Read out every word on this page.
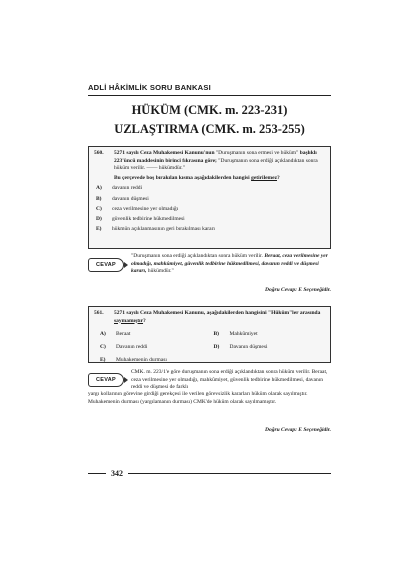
ADLİ HÂKİMLİK SORU BANKASI
HÜKÜM (CMK. m. 223-231)
UZLAŞTIRMA (CMK. m. 253-255)
560.	5271 sayılı Ceza Muhakemesi Kanunu'nun "Duruşmanın sona ermesi ve hüküm" başlıklı 223'üncü maddesinin birinci fıkrasına göre; "Duruşmanın sona erdiği açıklandıktan sonra hüküm verilir. —— hükümdür."
Bu çerçevede boş bırakılan kısma aşağıdakilerden hangisi getirilemez?
A)	davanın reddi
B)	davanın düşmesi
C)	ceza verilmesine yer olmadığı
D)	güvenlik tedbirine hükmedilmesi
E)	hükmün açıklanmasının geri bırakılması kararı
CEVAP
"Duruşmanın sona erdiği açıklandıktan sonra hüküm verilir. Beraat, ceza verilmesine yer olmadığı, mahkûmiyet, güvenlik tedbirine hükmedilmesi, davanın reddi ve düşmesi kararı, hükümdür."
Doğru Cevap: E Seçeneğidir.
561.	5271 sayılı Ceza Muhakemesi Kanunu, aşağıdakilerden hangisini "Hüküm"ler arasında saymamıştır?
A)	Beraat	B)	Mahkûmiyet
C)	Davanın reddi	D)	Davanın düşmesi
E)	Muhakemenin durması
CEVAP
CMK. m. 223/1'e göre duruşmanın sona erdiği açıklandıktan sonra hüküm verilir. Beraat, ceza verilmesine yer olmadığı, mahkûmiyet, güvenlik tedbirine hükmedilmesi, davanın reddi ve düşmesi de farklı
yargı kollarının görevine girdiği gerekçesi ile verilen görevsizlik kararları hüküm olarak sayılmıştır. Muhakemenin durması (yargılamanın durması) CMK'de hüküm olarak sayılmamıştır.
Doğru Cevap: E Seçeneğidir.
342
